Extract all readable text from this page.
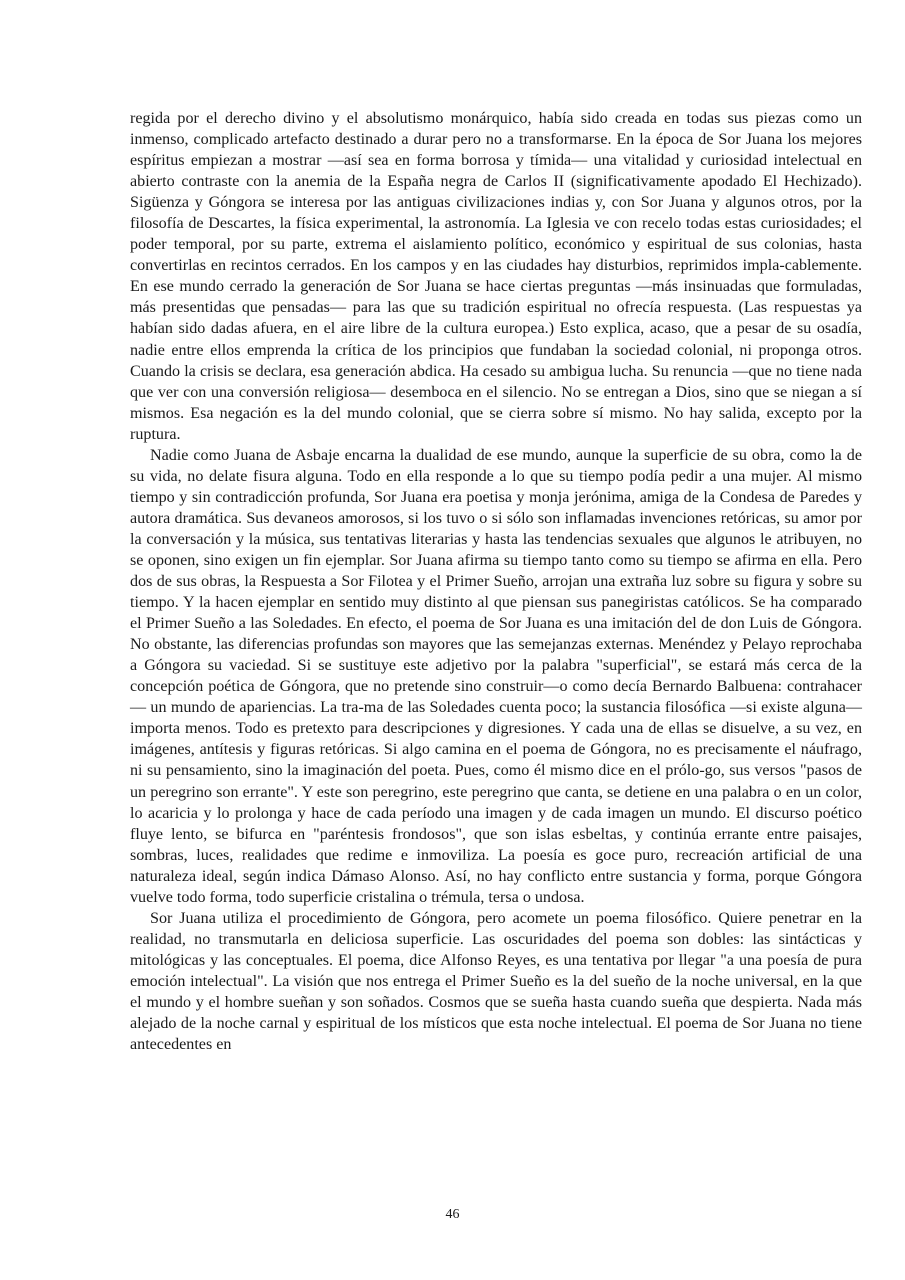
regida por el derecho divino y el absolutismo monárquico, había sido creada en todas sus piezas como un inmenso, complicado artefacto destinado a durar pero no a transformarse. En la época de Sor Juana los mejores espíritus empiezan a mostrar —así sea en forma borrosa y tímida— una vitalidad y curiosidad intelectual en abierto contraste con la anemia de la España negra de Carlos II (significativamente apodado El Hechizado). Sigüenza y Góngora se interesa por las antiguas civilizaciones indias y, con Sor Juana y algunos otros, por la filosofía de Descartes, la física experimental, la astronomía. La Iglesia ve con recelo todas estas curiosidades; el poder temporal, por su parte, extrema el aislamiento político, económico y espiritual de sus colonias, hasta convertirlas en recintos cerrados. En los campos y en las ciudades hay disturbios, reprimidos impla-cablemente. En ese mundo cerrado la generación de Sor Juana se hace ciertas preguntas —más insinuadas que formuladas, más presentidas que pensadas— para las que su tradición espiritual no ofrecía respuesta. (Las respuestas ya habían sido dadas afuera, en el aire libre de la cultura europea.) Esto explica, acaso, que a pesar de su osadía, nadie entre ellos emprenda la crítica de los principios que fundaban la sociedad colonial, ni proponga otros. Cuando la crisis se declara, esa generación abdica. Ha cesado su ambigua lucha. Su renuncia —que no tiene nada que ver con una conversión religiosa— desemboca en el silencio. No se entregan a Dios, sino que se niegan a sí mismos. Esa negación es la del mundo colonial, que se cierra sobre sí mismo. No hay salida, excepto por la ruptura.

Nadie como Juana de Asbaje encarna la dualidad de ese mundo, aunque la superficie de su obra, como la de su vida, no delate fisura alguna. Todo en ella responde a lo que su tiempo podía pedir a una mujer. Al mismo tiempo y sin contradicción profunda, Sor Juana era poetisa y monja jerónima, amiga de la Condesa de Paredes y autora dramática. Sus devaneos amorosos, si los tuvo o si sólo son inflamadas invenciones retóricas, su amor por la conversación y la música, sus tentativas literarias y hasta las tendencias sexuales que algunos le atribuyen, no se oponen, sino exigen un fin ejemplar. Sor Juana afirma su tiempo tanto como su tiempo se afirma en ella. Pero dos de sus obras, la Respuesta a Sor Filotea y el Primer Sueño, arrojan una extraña luz sobre su figura y sobre su tiempo. Y la hacen ejemplar en sentido muy distinto al que piensan sus panegiristas católicos. Se ha comparado el Primer Sueño a las Soledades. En efecto, el poema de Sor Juana es una imitación del de don Luis de Góngora. No obstante, las diferencias profundas son mayores que las semejanzas externas. Menéndez y Pelayo reprochaba a Góngora su vaciedad. Si se sustituye este adjetivo por la palabra "superficial", se estará más cerca de la concepción poética de Góngora, que no pretende sino construir—o como decía Bernardo Balbuena: contrahacer— un mundo de apariencias. La tra-ma de las Soledades cuenta poco; la sustancia filosófica —si existe alguna— importa menos. Todo es pretexto para descripciones y digresiones. Y cada una de ellas se disuelve, a su vez, en imágenes, antítesis y figuras retóricas. Si algo camina en el poema de Góngora, no es precisamente el náufrago, ni su pensamiento, sino la imaginación del poeta. Pues, como él mismo dice en el prólo-go, sus versos "pasos de un peregrino son errante". Y este son peregrino, este peregrino que canta, se detiene en una palabra o en un color, lo acaricia y lo prolonga y hace de cada período una imagen y de cada imagen un mundo. El discurso poético fluye lento, se bifurca en "paréntesis frondosos", que son islas esbeltas, y continúa errante entre paisajes, sombras, luces, realidades que redime e inmoviliza. La poesía es goce puro, recreación artificial de una naturaleza ideal, según indica Dámaso Alonso. Así, no hay conflicto entre sustancia y forma, porque Góngora vuelve todo forma, todo superficie cristalina o trémula, tersa o undosa.

Sor Juana utiliza el procedimiento de Góngora, pero acomete un poema filosófico. Quiere penetrar en la realidad, no transmutarla en deliciosa superficie. Las oscuridades del poema son dobles: las sintácticas y mitológicas y las conceptuales. El poema, dice Alfonso Reyes, es una tentativa por llegar "a una poesía de pura emoción intelectual". La visión que nos entrega el Primer Sueño es la del sueño de la noche universal, en la que el mundo y el hombre sueñan y son soñados. Cosmos que se sueña hasta cuando sueña que despierta. Nada más alejado de la noche carnal y espiritual de los místicos que esta noche intelectual. El poema de Sor Juana no tiene antecedentes en

46
